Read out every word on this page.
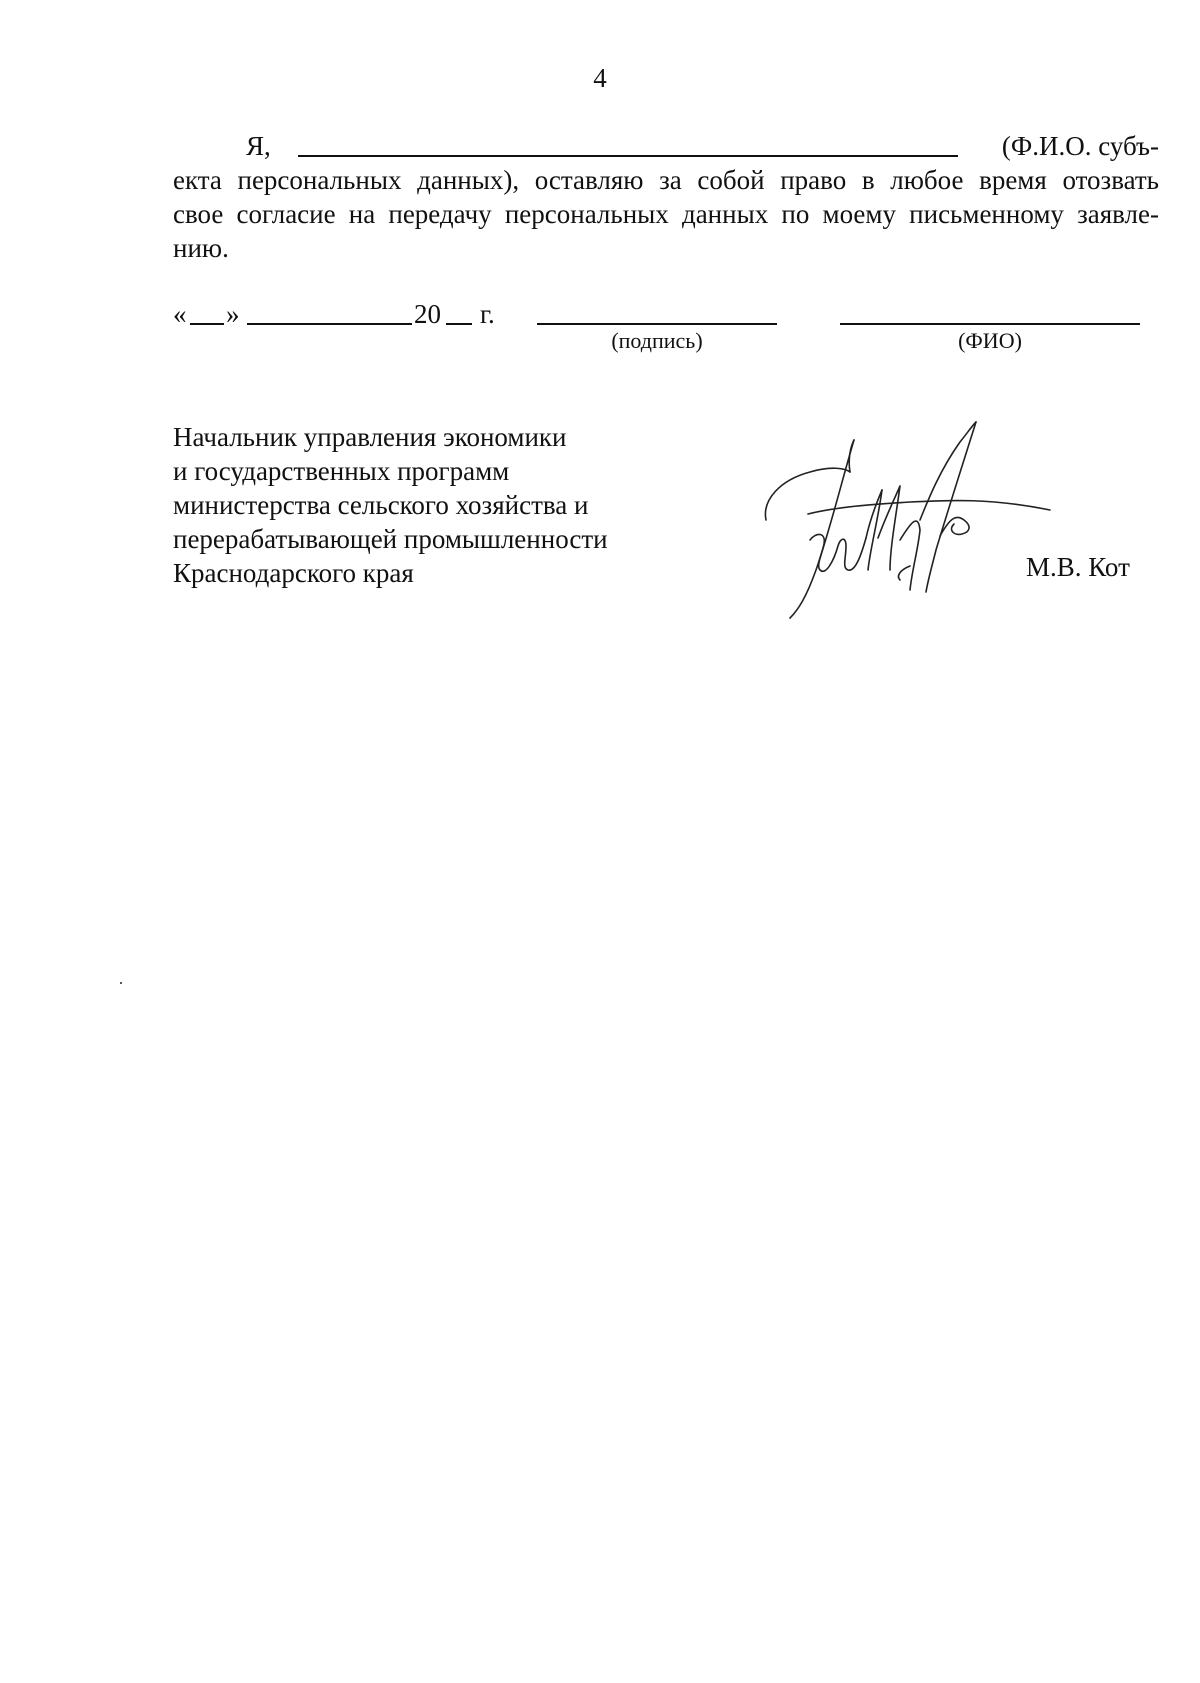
4
Я,	(Ф.И.О. субъ-
екта персональных данных), оставляю за собой право в любое время отозвать
свое согласие на передачу персональных данных по моему письменному заявле-
нию.
« »	20 г.
(подпись)	(ФИО)
Начальник управления экономики
и государственных программ
министерства сельского хозяйства и
перерабатывающей промышленности
Краснодарского края	М.В. Кот
